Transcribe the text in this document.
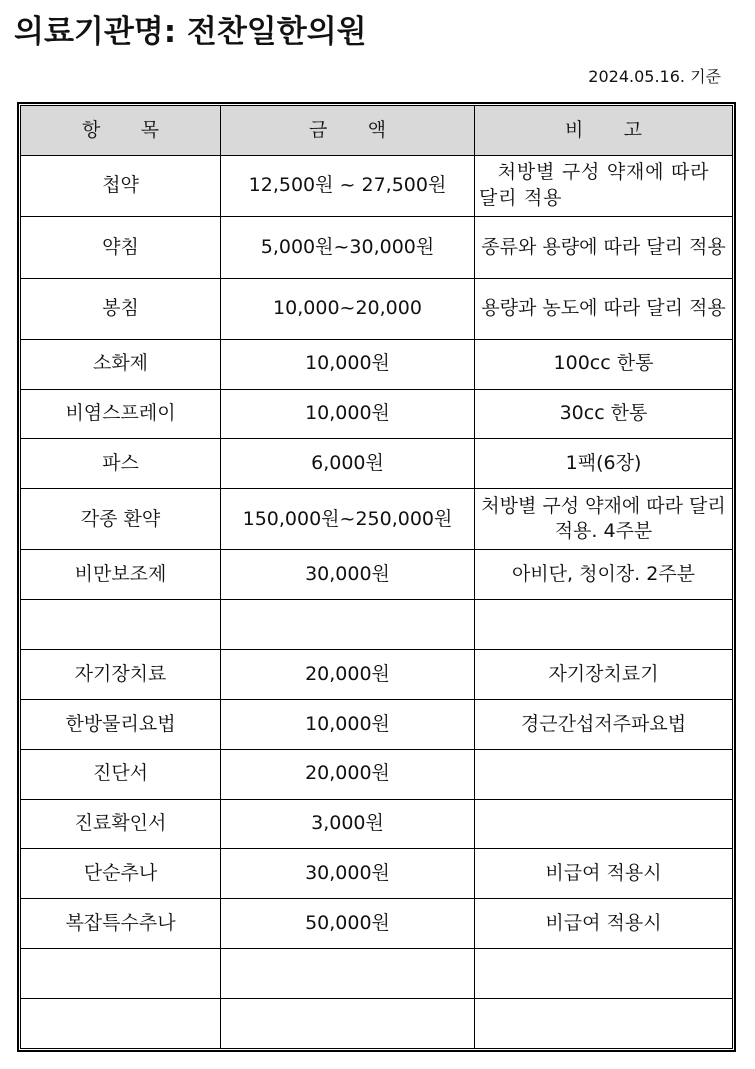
의료기관명: 전찬일한의원
2024.05.16. 기준
항 목	금 액	비 고
첩약	12,500원 ~ 27,500원	처방별 구성 약재에 따라 달리 적용
약침	5,000원~30,000원	종류와 용량에 따라 달리 적용
봉침	10,000~20,000	용량과 농도에 따라 달리 적용
소화제	10,000원	100cc 한통
비염스프레이	10,000원	30cc 한통
파스	6,000원	1팩(6장)
각종 환약	150,000원~250,000원	처방별 구성 약재에 따라 달리 적용. 4주분
비만보조제	30,000원	아비단, 청이장. 2주분

자기장치료	20,000원	자기장치료기
한방물리요법	10,000원	경근간섭저주파요법
진단서	20,000원	
진료확인서	3,000원	
단순추나	30,000원	비급여 적용시
복잡특수추나	50,000원	비급여 적용시
